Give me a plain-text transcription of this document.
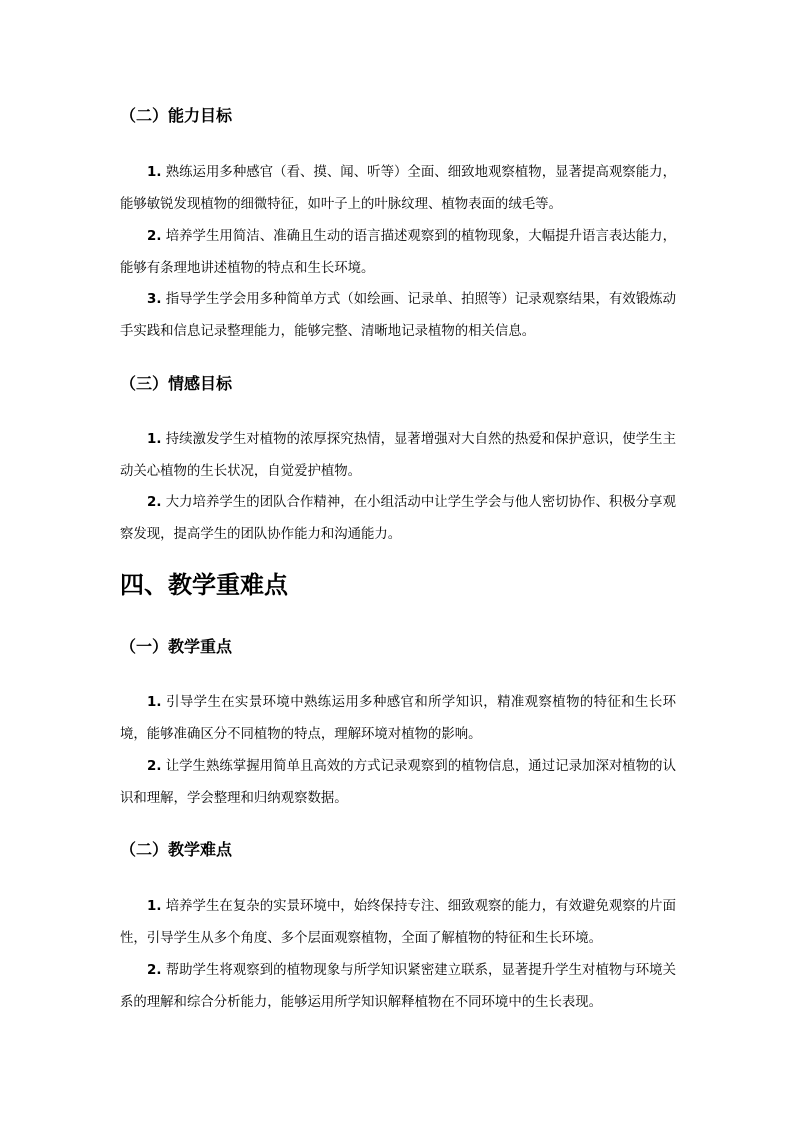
（二）能力目标
1. 熟练运用多种感官（看、摸、闻、听等）全面、细致地观察植物，显著提高观察能力，能够敏锐发现植物的细微特征，如叶子上的叶脉纹理、植物表面的绒毛等。
2. 培养学生用简洁、准确且生动的语言描述观察到的植物现象，大幅提升语言表达能力，能够有条理地讲述植物的特点和生长环境。
3. 指导学生学会用多种简单方式（如绘画、记录单、拍照等）记录观察结果，有效锻炼动手实践和信息记录整理能力，能够完整、清晰地记录植物的相关信息。
（三）情感目标
1. 持续激发学生对植物的浓厚探究热情，显著增强对大自然的热爱和保护意识，使学生主动关心植物的生长状况，自觉爱护植物。
2. 大力培养学生的团队合作精神，在小组活动中让学生学会与他人密切协作、积极分享观察发现，提高学生的团队协作能力和沟通能力。
四、教学重难点
（一）教学重点
1. 引导学生在实景环境中熟练运用多种感官和所学知识，精准观察植物的特征和生长环境，能够准确区分不同植物的特点，理解环境对植物的影响。
2. 让学生熟练掌握用简单且高效的方式记录观察到的植物信息，通过记录加深对植物的认识和理解，学会整理和归纳观察数据。
（二）教学难点
1. 培养学生在复杂的实景环境中，始终保持专注、细致观察的能力，有效避免观察的片面性，引导学生从多个角度、多个层面观察植物，全面了解植物的特征和生长环境。
2. 帮助学生将观察到的植物现象与所学知识紧密建立联系，显著提升学生对植物与环境关系的理解和综合分析能力，能够运用所学知识解释植物在不同环境中的生长表现。
